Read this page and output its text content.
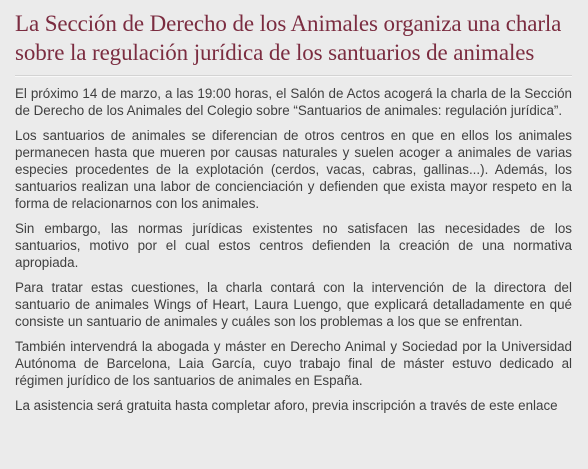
La Sección de Derecho de los Animales organiza una charla sobre la regulación jurídica de los santuarios de animales

El próximo 14 de marzo, a las 19:00 horas, el Salón de Actos acogerá la charla de la Sección de Derecho de los Animales del Colegio sobre “Santuarios de animales: regulación jurídica”.

Los santuarios de animales se diferencian de otros centros en que en ellos los animales permanecen hasta que mueren por causas naturales y suelen acoger a animales de varias especies procedentes de la explotación (cerdos, vacas, cabras, gallinas...). Además, los santuarios realizan una labor de concienciación y defienden que exista mayor respeto en la forma de relacionarnos con los animales.

Sin embargo, las normas jurídicas existentes no satisfacen las necesidades de los santuarios, motivo por el cual estos centros defienden la creación de una normativa apropiada.

Para tratar estas cuestiones, la charla contará con la intervención de la directora del santuario de animales Wings of Heart, Laura Luengo, que explicará detalladamente en qué consiste un santuario de animales y cuáles son los problemas a los que se enfrentan.

También intervendrá la abogada y máster en Derecho Animal y Sociedad por la Universidad Autónoma de Barcelona, Laia García, cuyo trabajo final de máster estuvo dedicado al régimen jurídico de los santuarios de animales en España.

La asistencia será gratuita hasta completar aforo, previa inscripción a través de este enlace
